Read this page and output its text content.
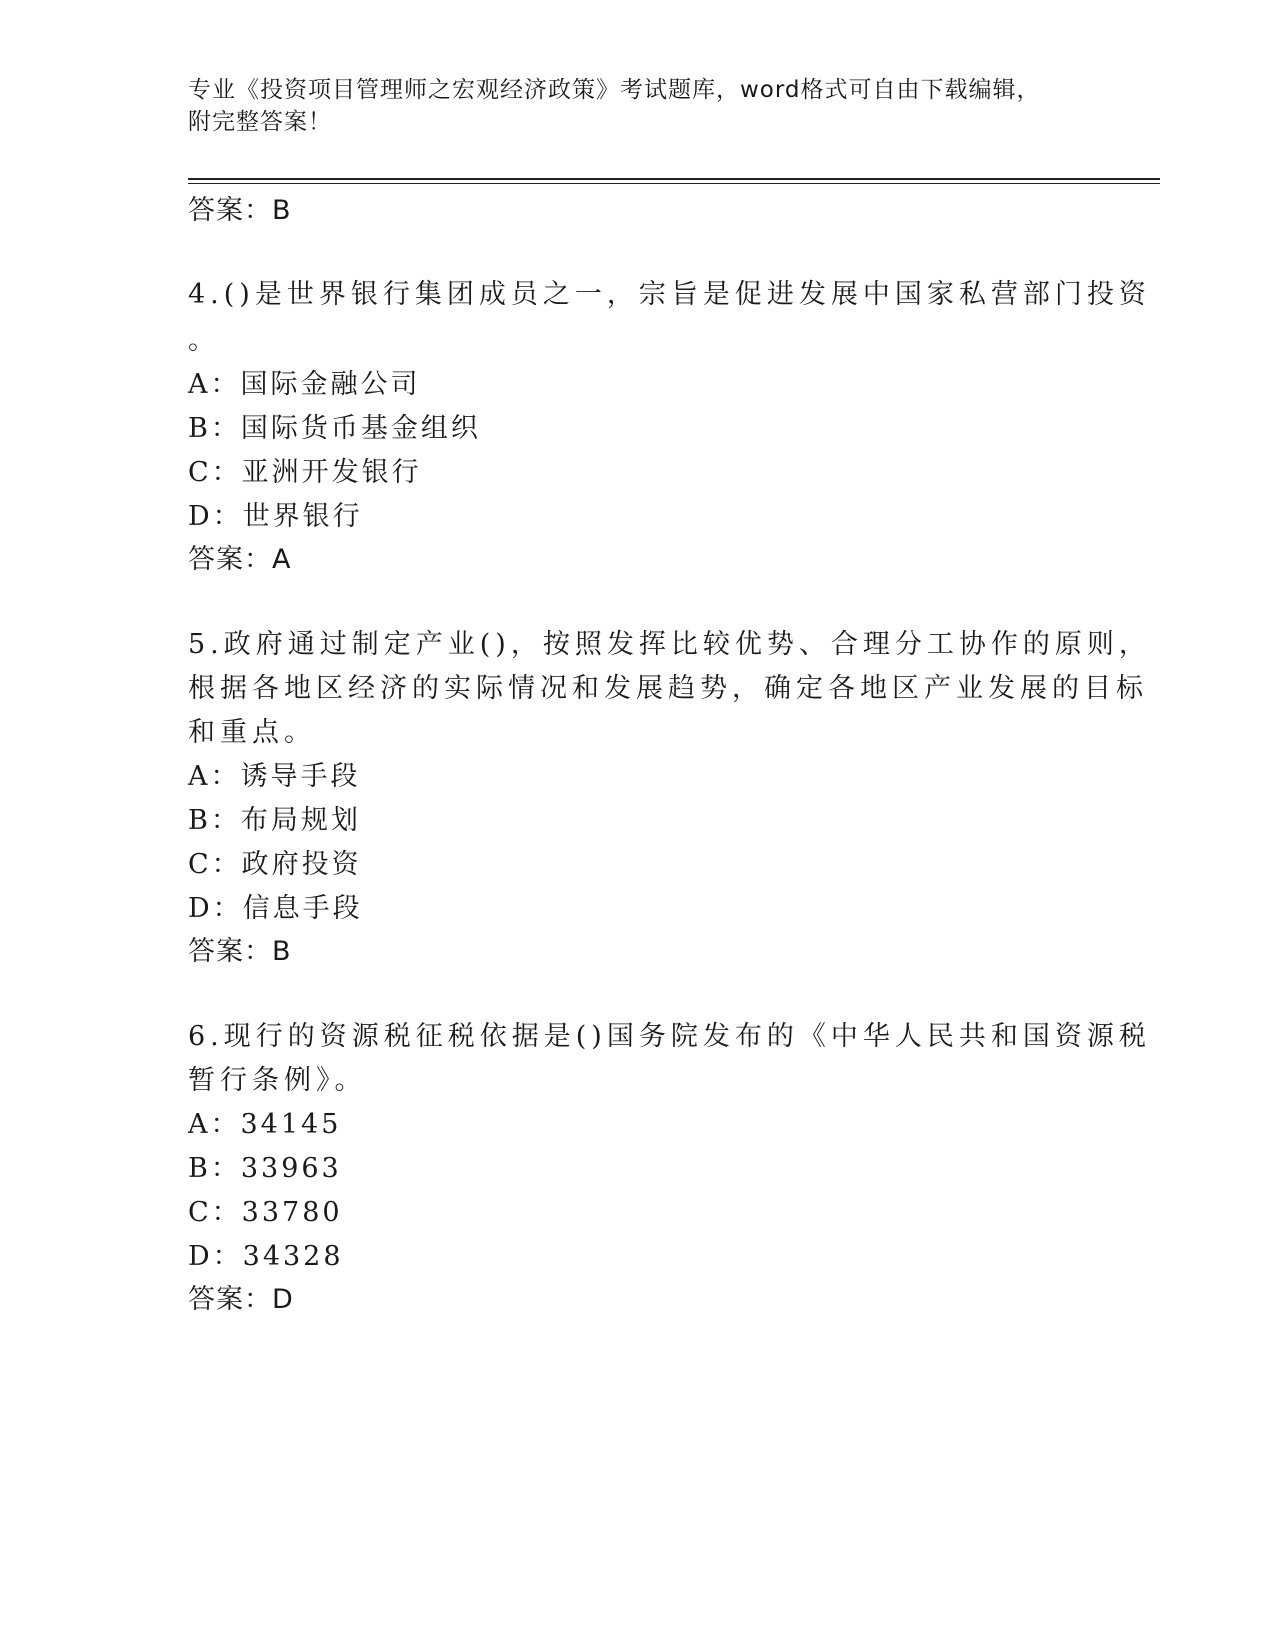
专业《投资项目管理师之宏观经济政策》考试题库，word格式可自由下载编辑，
附完整答案！
答案：B
4.()是世界银行集团成员之一，宗旨是促进发展中国家私营部门投资
。
A：国际金融公司
B：国际货币基金组织
C：亚洲开发银行
D：世界银行
答案：A
5.政府通过制定产业()，按照发挥比较优势、合理分工协作的原则，
根据各地区经济的实际情况和发展趋势，确定各地区产业发展的目标
和重点。
A：诱导手段
B：布局规划
C：政府投资
D：信息手段
答案：B
6.现行的资源税征税依据是()国务院发布的《中华人民共和国资源税
暂行条例》。
A：34145
B：33963
C：33780
D：34328
答案：D
